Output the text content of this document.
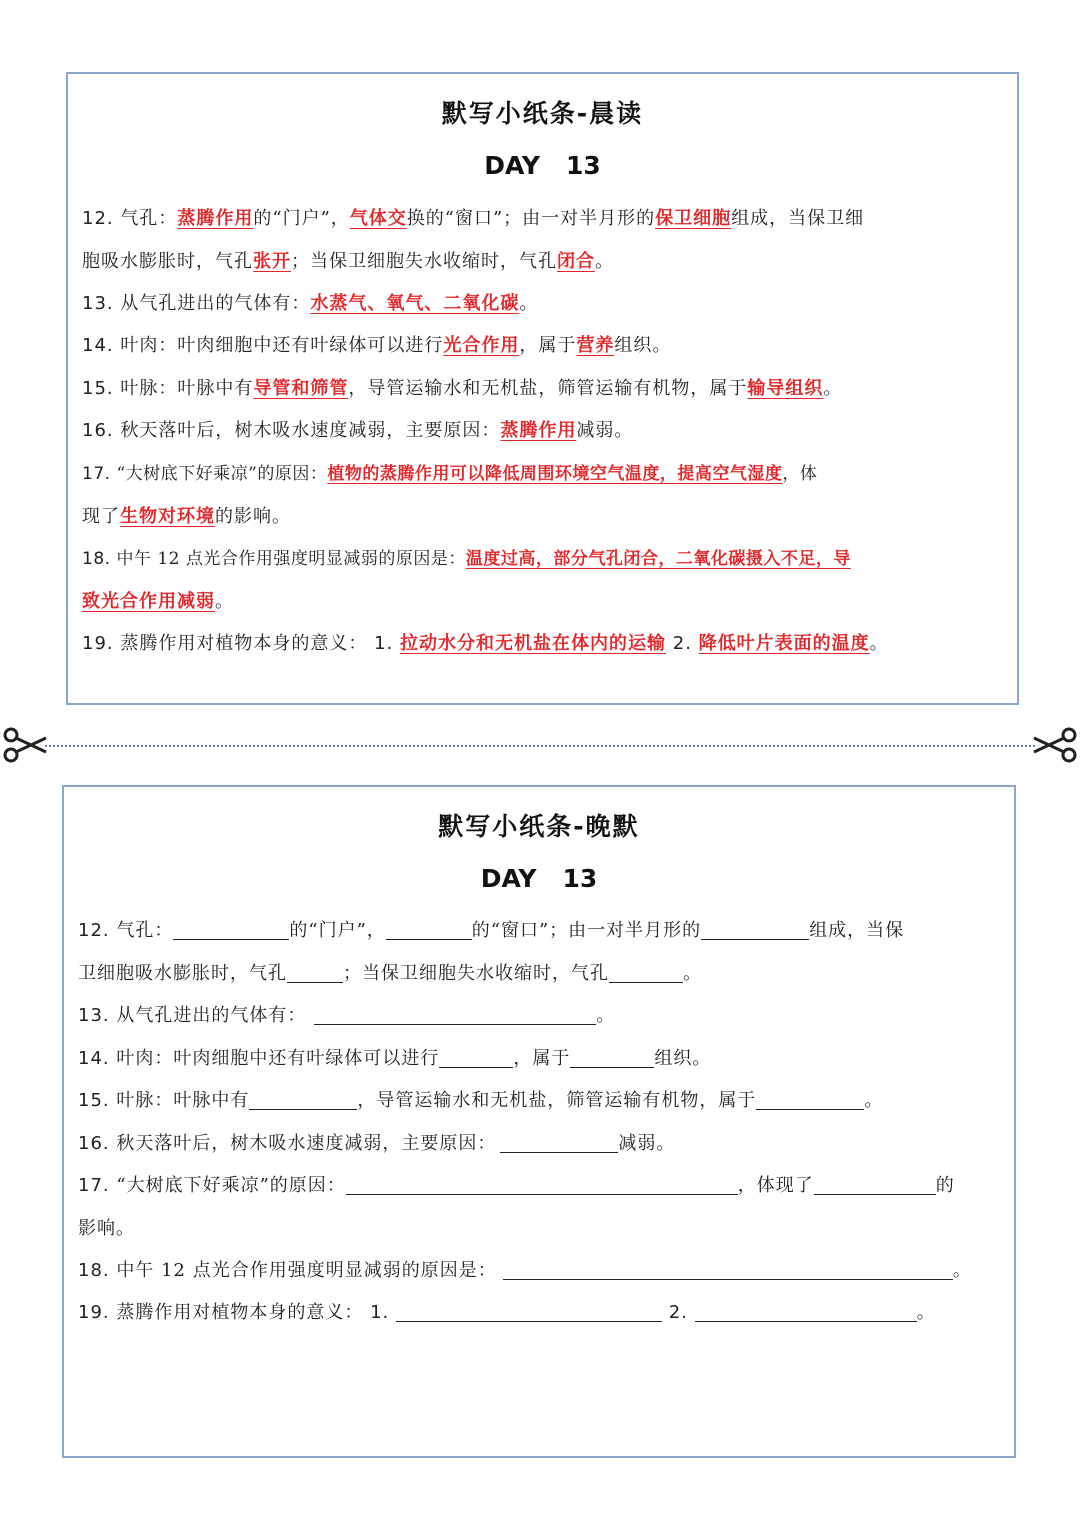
默写小纸条-晨读
DAY 13
12. 气孔：蒸腾作用的“门户”，气体交换的“窗口”；由一对半月形的保卫细胞组成，当保卫细
胞吸水膨胀时，气孔张开；当保卫细胞失水收缩时，气孔闭合。
13. 从气孔进出的气体有：水蒸气、氧气、二氧化碳。
14. 叶肉：叶肉细胞中还有叶绿体可以进行光合作用，属于营养组织。
15. 叶脉：叶脉中有导管和筛管，导管运输水和无机盐，筛管运输有机物，属于输导组织。
16. 秋天落叶后，树木吸水速度减弱，主要原因：蒸腾作用减弱。
17. “大树底下好乘凉”的原因：植物的蒸腾作用可以降低周围环境空气温度，提高空气湿度，体
现了生物对环境的影响。
18. 中午 12 点光合作用强度明显减弱的原因是：温度过高，部分气孔闭合，二氧化碳摄入不足，导
致光合作用减弱。
19. 蒸腾作用对植物本身的意义： 1. 拉动水分和无机盐在体内的运输 2. 降低叶片表面的温度。
默写小纸条-晚默
DAY 13
12. 气孔：	的“门户”，	的“窗口”；由一对半月形的	组成，当保
卫细胞吸水膨胀时，气孔	；当保卫细胞失水收缩时，气孔	。
13. 从气孔进出的气体有：	。
14. 叶肉：叶肉细胞中还有叶绿体可以进行	，属于	组织。
15. 叶脉：叶脉中有	，导管运输水和无机盐，筛管运输有机物，属于	。
16. 秋天落叶后，树木吸水速度减弱，主要原因：	减弱。
17. “大树底下好乘凉”的原因：	，体现了	的
影响。
18. 中午 12 点光合作用强度明显减弱的原因是：	。
19. 蒸腾作用对植物本身的意义： 1.	2.	。
